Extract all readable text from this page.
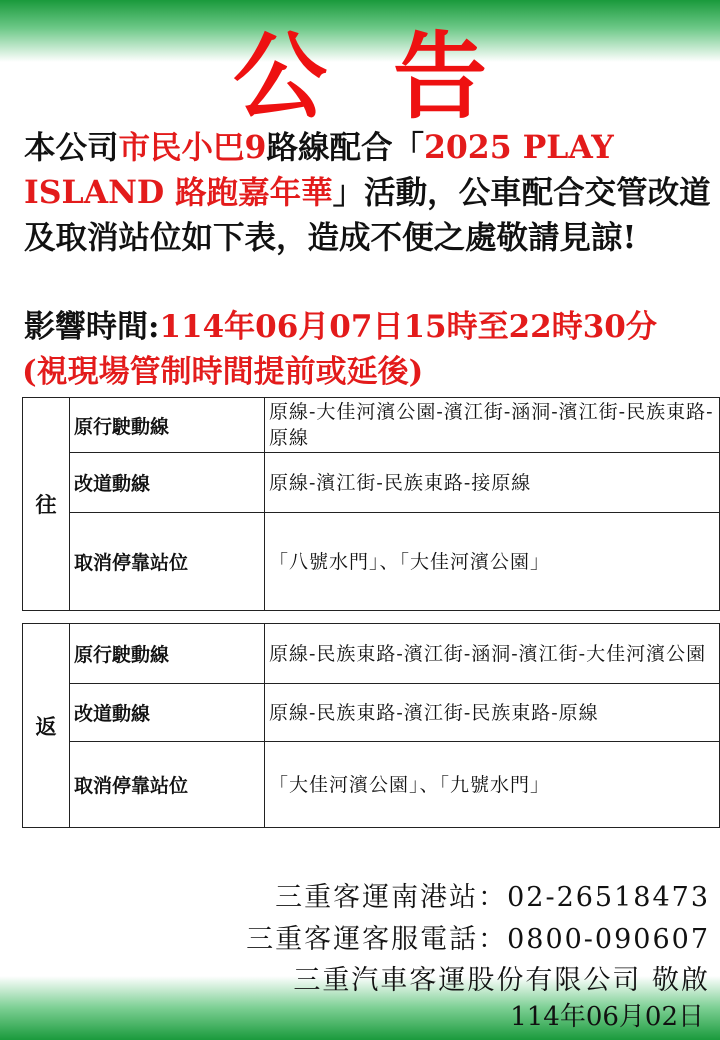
公告
本公司市民小巴9路線配合「2025 PLAY ISLAND 路跑嘉年華」活動，公車配合交管改道及取消站位如下表，造成不便之處敬請見諒!
影響時間:114年06月07日15時至22時30分
(視現場管制時間提前或延後)
往	原行駛動線	原線-大佳河濱公園-濱江街-涵洞-濱江街-民族東路-原線
	改道動線	原線-濱江街-民族東路-接原線
	取消停靠站位	「八號水門」、「大佳河濱公園」
返	原行駛動線	原線-民族東路-濱江街-涵洞-濱江街-大佳河濱公園
	改道動線	原線-民族東路-濱江街-民族東路-原線
	取消停靠站位	「大佳河濱公園」、「九號水門」
三重客運南港站：02-26518473
三重客運客服電話：0800-090607
三重汽車客運股份有限公司 敬啟
114年06月02日
